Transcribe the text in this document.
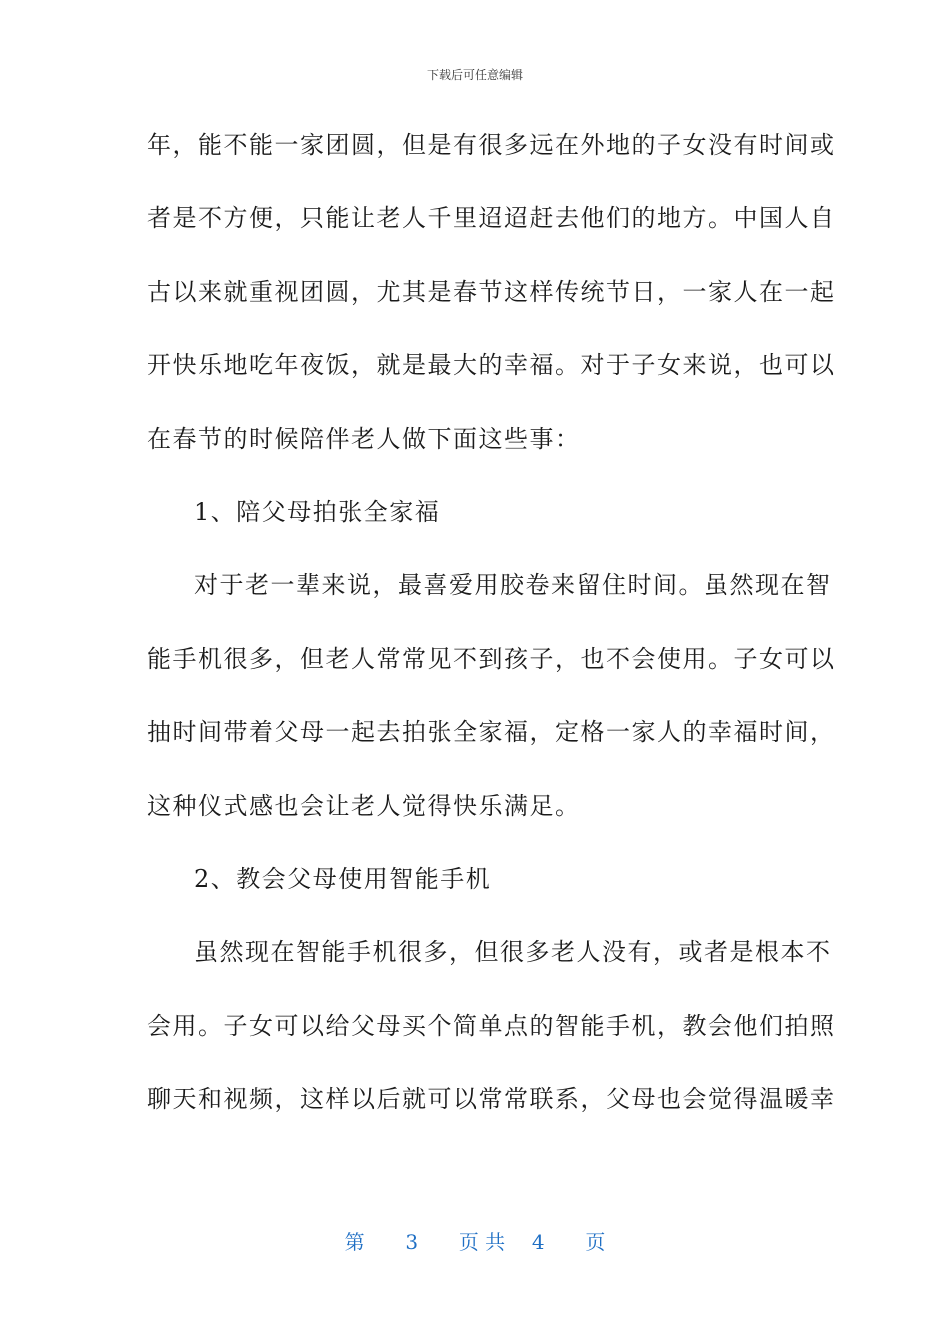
下载后可任意编辑
年，能不能一家团圆，但是有很多远在外地的子女没有时间或
者是不方便，只能让老人千里迢迢赶去他们的地方。中国人自
古以来就重视团圆，尤其是春节这样传统节日，一家人在一起
开快乐地吃年夜饭，就是最大的幸福。对于子女来说，也可以
在春节的时候陪伴老人做下面这些事：
1、陪父母拍张全家福
对于老一辈来说，最喜爱用胶卷来留住时间。虽然现在智
能手机很多，但老人常常见不到孩子，也不会使用。子女可以
抽时间带着父母一起去拍张全家福，定格一家人的幸福时间，
这种仪式感也会让老人觉得快乐满足。
2、教会父母使用智能手机
虽然现在智能手机很多，但很多老人没有，或者是根本不
会用。子女可以给父母买个简单点的智能手机，教会他们拍照
聊天和视频，这样以后就可以常常联系，父母也会觉得温暖幸
第 3 页 共 4 页
